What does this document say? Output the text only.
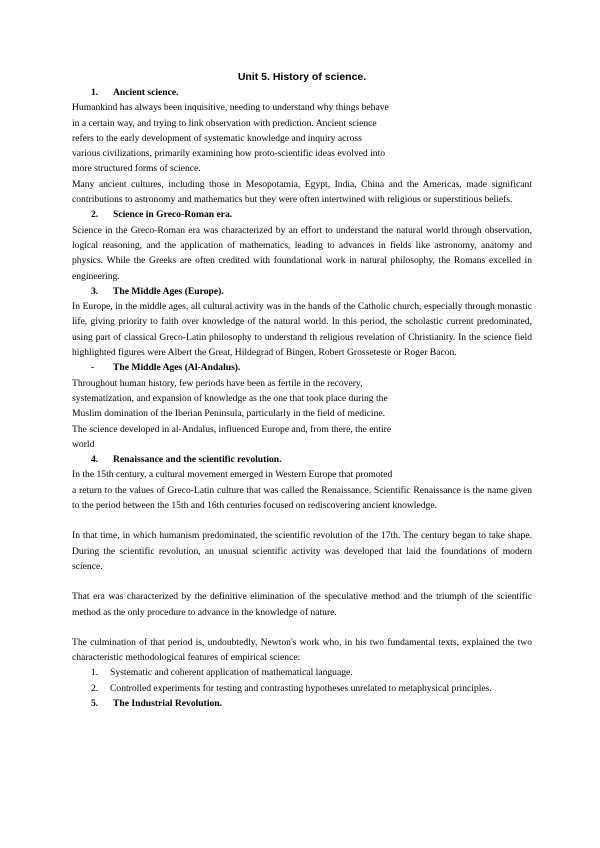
Unit 5. History of science.

1. Ancient science.

Humankind has always been inquisitive, needing to understand why things behave

in a certain way, and trying to link observation with prediction. Ancient science

refers to the early development of systematic knowledge and inquiry across

various civilizations, primarily examining how proto-scientific ideas evolved into

more structured forms of science.

Many ancient cultures, including those in Mesopotamia, Egypt, India, China and the Americas, made significant contributions to astronomy and mathematics but they were often intertwined with religious or superstitious beliefs.

2. Science in Greco-Roman era.

Science in the Greco-Roman era was characterized by an effort to understand the natural world through observation, logical reasoning, and the application of mathematics, leading to advances in fields like astronomy, anatomy and physics. While the Greeks are often credited with foundational work in natural philosophy, the Romans excelled in engineering.

3. The Middle Ages (Europe).

In Europe, in the middle ages, all cultural activity was in the hands of the Catholic church, especially through monastic life, giving priority to faith over knowledge of the natural world. In this period, the scholastic current predominated, using part of classical Greco-Latin philosophy to understand th religious revelation of Christianity. In the science field highlighted figures were Albert the Great, Hildegrad of Bingen, Robert Grosseteste or Roger Bacon.

- The Middle Ages (Al-Andalus).

Throughout human history, few periods have been as fertile in the recovery,

systematization, and expansion of knowledge as the one that took place during the

Muslim domination of the Iberian Peninsula, particularly in the field of medicine.

The science developed in al-Andalus, influenced Europe and, from there, the entire

world

4. Renaissance and the scientific revolution.

In the 15th century, a cultural movement emerged in Western Europe that promoted

a return to the values of Greco-Latin culture that was called the Renaissance. Scientific Renaissance is the name given to the period between the 15th and 16th centuries focused on rediscovering ancient knowledge.

In that time, in which humanism predominated, the scientific revolution of the 17th. The century began to take shape. During the scientific revolution, an unusual scientific activity was developed that laid the foundations of modern science.

That era was characterized by the definitive elimination of the speculative method and the triumph of the scientific method as the only procedure to advance in the knowledge of nature.

The culmination of that period is, undoubtedly, Newton's work who, in his two fundamental texts, explained the two characteristic methodological features of empirical science:

1. Systematic and coherent application of mathematical language.
2. Controlled experiments for testing and contrasting hypotheses unrelated to metaphysical principles.

5. The Industrial Revolution.
